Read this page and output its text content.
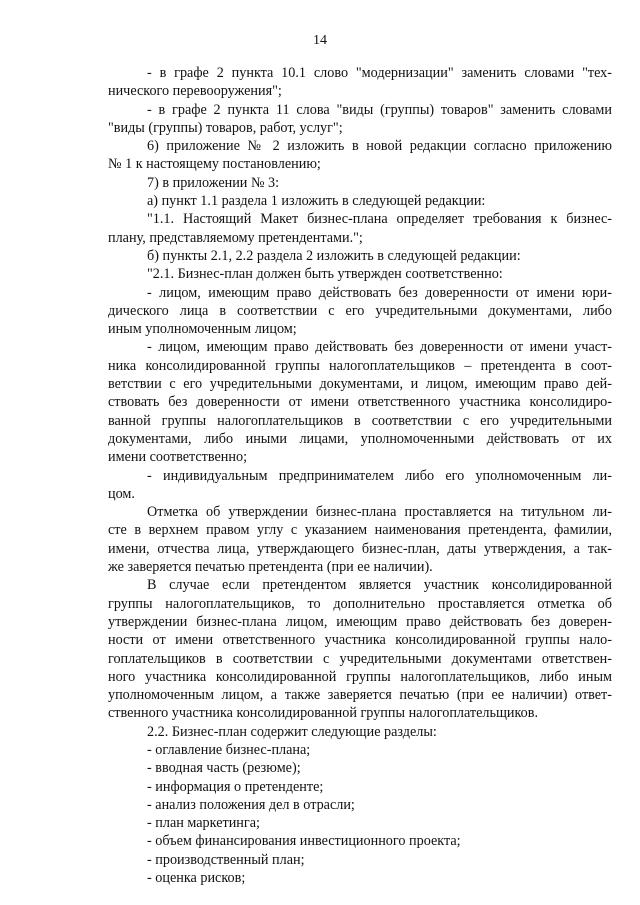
14
- в графе 2 пункта 10.1 слово "модернизации" заменить словами "тех-
нического перевооружения";
- в графе 2 пункта 11 слова "виды (группы) товаров" заменить словами
"виды (группы) товаров, работ, услуг";
6) приложение № 2 изложить в новой редакции согласно приложению
№ 1 к настоящему постановлению;
7) в приложении № 3:
а) пункт 1.1 раздела 1 изложить в следующей редакции:
"1.1. Настоящий Макет бизнес-плана определяет требования к бизнес-
плану, представляемому претендентами.";
б) пункты 2.1, 2.2 раздела 2 изложить в следующей редакции:
"2.1. Бизнес-план должен быть утвержден соответственно:
- лицом, имеющим право действовать без доверенности от имени юри-
дического лица в соответствии с его учредительными документами, либо
иным уполномоченным лицом;
- лицом, имеющим право действовать без доверенности от имени участ-
ника консолидированной группы налогоплательщиков – претендента в соот-
ветствии с его учредительными документами, и лицом, имеющим право дей-
ствовать без доверенности от имени ответственного участника консолидиро-
ванной группы налогоплательщиков в соответствии с его учредительными
документами, либо иными лицами, уполномоченными действовать от их
имени соответственно;
- индивидуальным предпринимателем либо его уполномоченным ли-
цом.
Отметка об утверждении бизнес-плана проставляется на титульном ли-
сте в верхнем правом углу с указанием наименования претендента, фамилии,
имени, отчества лица, утверждающего бизнес-план, даты утверждения, а так-
же заверяется печатью претендента (при ее наличии).
В случае если претендентом является участник консолидированной
группы налогоплательщиков, то дополнительно проставляется отметка об
утверждении бизнес-плана лицом, имеющим право действовать без доверен-
ности от имени ответственного участника консолидированной группы нало-
гоплательщиков в соответствии с учредительными документами ответствен-
ного участника консолидированной группы налогоплательщиков, либо иным
уполномоченным лицом, а также заверяется печатью (при ее наличии) ответ-
ственного участника консолидированной группы налогоплательщиков.
2.2. Бизнес-план содержит следующие разделы:
- оглавление бизнес-плана;
- вводная часть (резюме);
- информация о претенденте;
- анализ положения дел в отрасли;
- план маркетинга;
- объем финансирования инвестиционного проекта;
- производственный план;
- оценка рисков;
